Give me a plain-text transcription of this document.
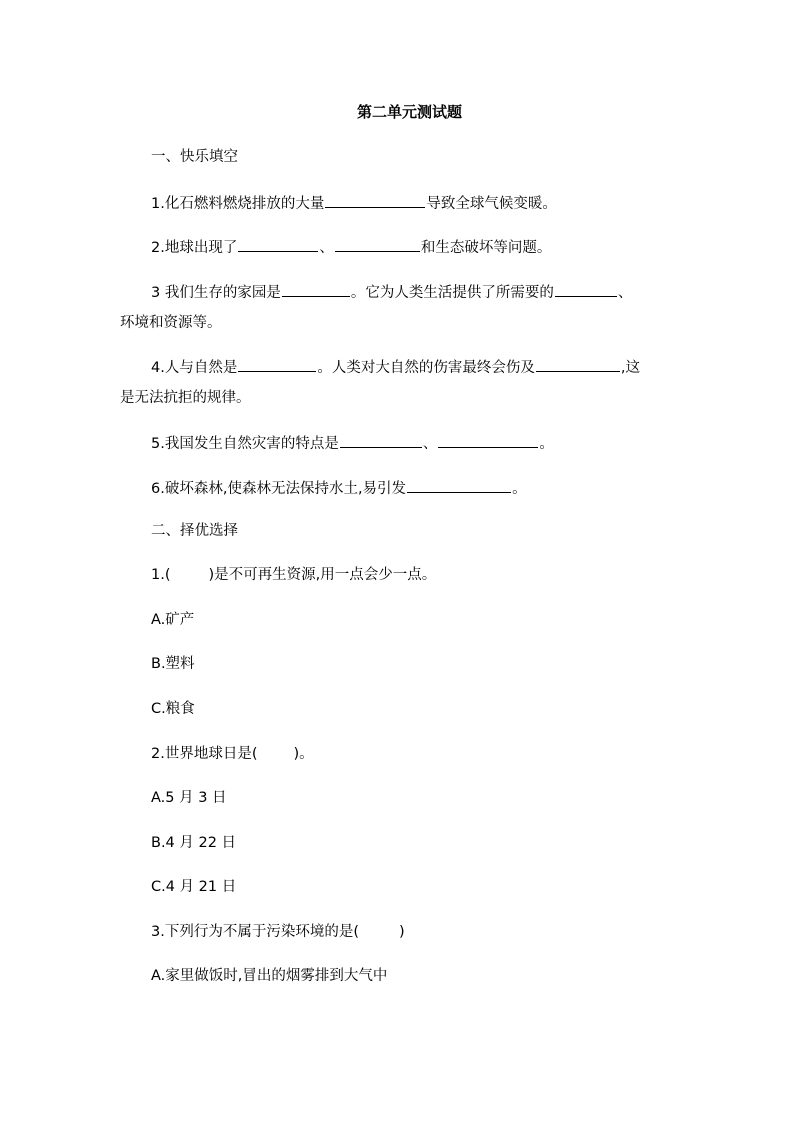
第二单元测试题
一、快乐填空
1.化石燃料燃烧排放的大量	导致全球气候变暖。
2.地球出现了	、	和生态破坏等问题。
3 我们生存的家园是	。它为人类生活提供了所需要的	、
环境和资源等。
4.人与自然是	。人类对大自然的伤害最终会伤及	,这
是无法抗拒的规律。
5.我国发生自然灾害的特点是	、	。
6.破坏森林,使森林无法保持水土,易引发	。
二、择优选择
1.(	)是不可再生资源,用一点会少一点。
A.矿产
B.塑料
C.粮食
2.世界地球日是( )。
A.5 月 3 日
B.4 月 22 日
C.4 月 21 日
3.下列行为不属于污染环境的是(	)
A.家里做饭时,冒出的烟雾排到大气中
